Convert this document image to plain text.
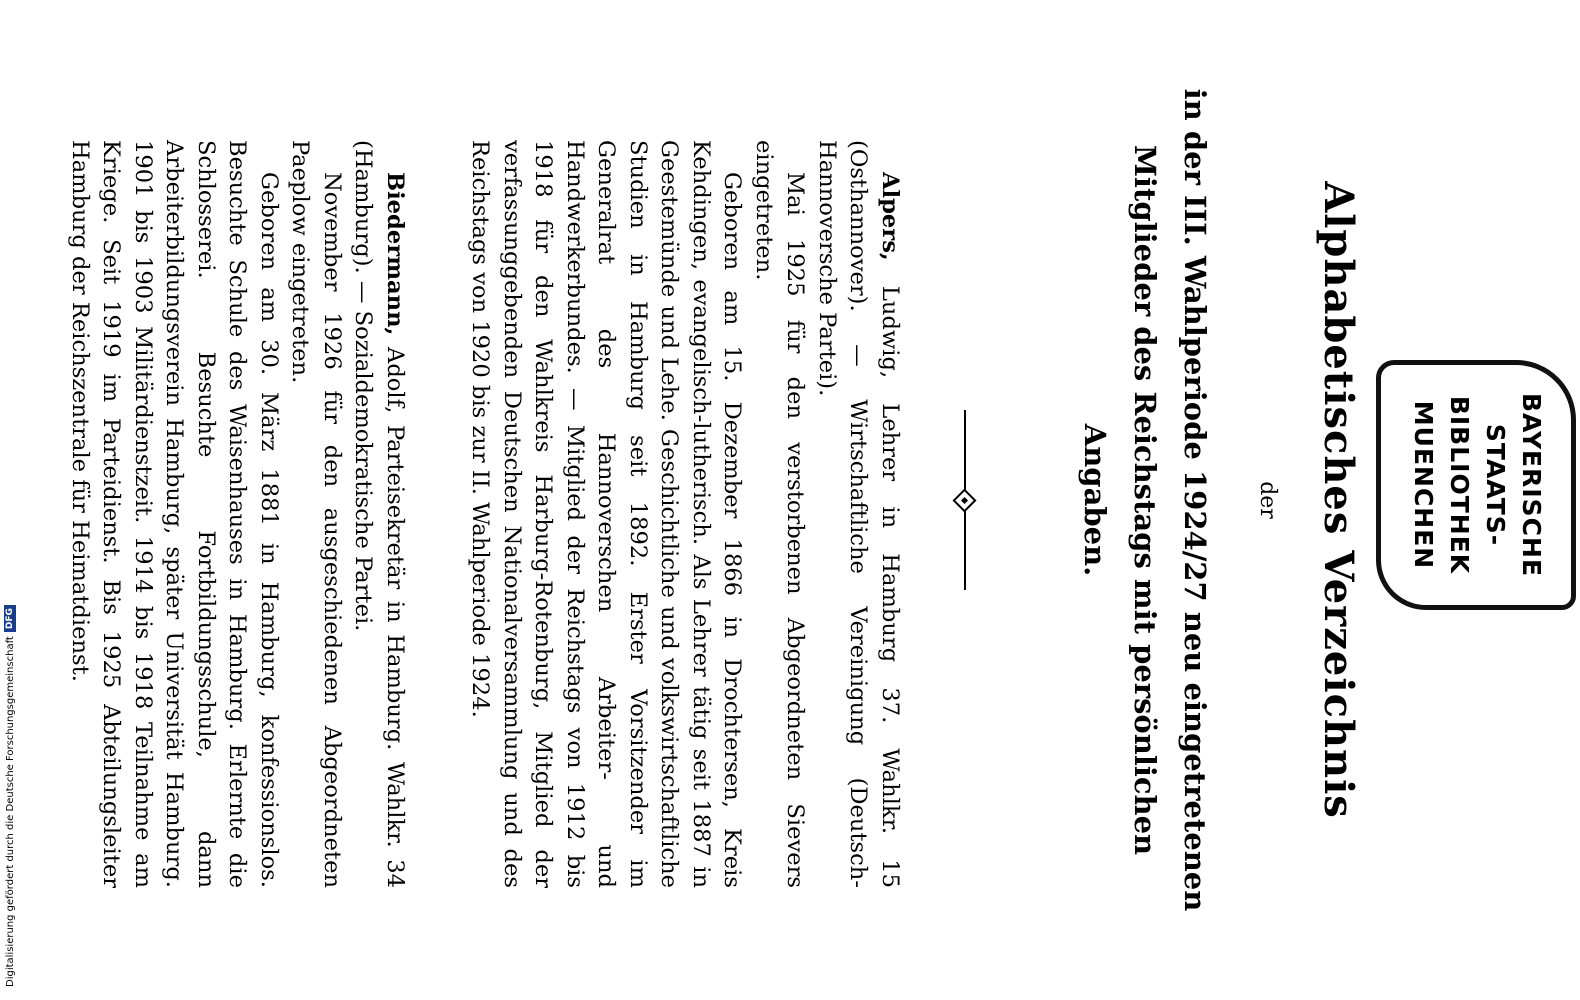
BAYERISCHE
STAATS-
BIBLIOTHEK
MUENCHEN
Alphabetisches Verzeichnis
der
in der III. Wahlperiode 1924/27 neu eingetretenen
Mitglieder des Reichstags mit persönlichen Angaben.

Alpers, Ludwig, Lehrer in Hamburg 37. Wahlkr. 15 (Osthannover). — Wirtschaftliche Vereinigung (Deutsch-Hannoversche Partei).

Mai 1925 für den verstorbenen Abgeordneten Sievers eingetreten.

Geboren am 15. Dezember 1866 in Drochtersen, Kreis Kehdingen, evangelisch-lutherisch. Als Lehrer tätig seit 1887 in Geestemünde und Lehe. Geschichtliche und volkswirtschaftliche Studien in Hamburg seit 1892. Erster Vorsitzender im Generalrat des Hannoverschen Arbeiter- und Handwerkerbundes. — Mitglied der Reichstags von 1912 bis 1918 für den Wahlkreis Harburg-Rotenburg, Mitglied der verfassunggebenden Deutschen Nationalversammlung und des Reichstags von 1920 bis zur II. Wahlperiode 1924.

Biedermann, Adolf, Parteisekretär in Hamburg. Wahlkr. 34 (Hamburg). — Sozialdemokratische Partei.

November 1926 für den ausgeschiedenen Abgeordneten Paeplow eingetreten.

Geboren am 30. März 1881 in Hamburg, konfessionslos. Besuchte Schule des Waisenhauses in Hamburg. Erlernte die Schlosserei. Besuchte Fortbildungsschule, dann Arbeiterbildungsverein Hamburg, später Universität Hamburg. 1901 bis 1903 Militärdienstzeit. 1914 bis 1918 Teilnahme am Kriege. Seit 1919 im Parteidienst. Bis 1925 Abteilungsleiter Hamburg der Reichszentrale für Heimatdienst.

Digitalisierung gefördert durch die Deutsche Forschungsgemeinschaft
DFG
